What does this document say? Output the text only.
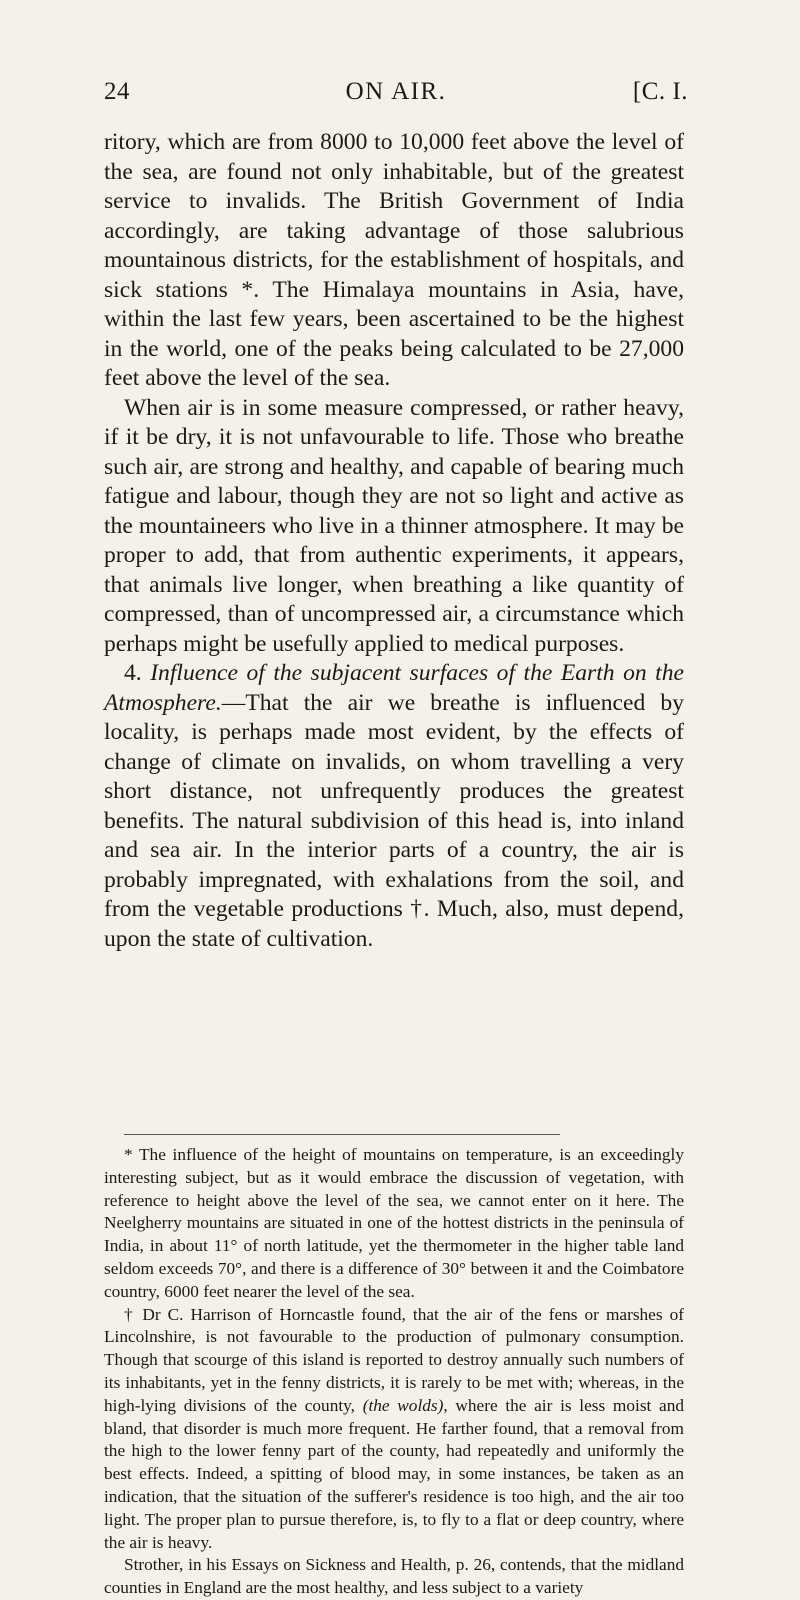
24	ON AIR.	[C. I.

ritory, which are from 8000 to 10,000 feet above the level of the sea, are found not only inhabitable, but of the greatest service to invalids. The British Government of India accordingly, are taking advantage of those salubrious mountainous districts, for the establishment of hospitals, and sick stations *. The Himalaya mountains in Asia, have, within the last few years, been ascertained to be the highest in the world, one of the peaks being calculated to be 27,000 feet above the level of the sea.

When air is in some measure compressed, or rather heavy, if it be dry, it is not unfavourable to life. Those who breathe such air, are strong and healthy, and capable of bearing much fatigue and labour, though they are not so light and active as the mountaineers who live in a thinner atmosphere. It may be proper to add, that from authentic experiments, it appears, that animals live longer, when breathing a like quantity of compressed, than of uncompressed air, a circumstance which perhaps might be usefully applied to medical purposes.

4. Influence of the subjacent surfaces of the Earth on the Atmosphere.—That the air we breathe is influenced by locality, is perhaps made most evident, by the effects of change of climate on invalids, on whom travelling a very short distance, not unfrequently produces the greatest benefits. The natural subdivision of this head is, into inland and sea air. In the interior parts of a country, the air is probably impregnated, with exhalations from the soil, and from the vegetable productions †. Much, also, must depend, upon the state of cultivation.

* The influence of the height of mountains on temperature, is an exceedingly interesting subject, but as it would embrace the discussion of vegetation, with reference to height above the level of the sea, we cannot enter on it here. The Neelgherry mountains are situated in one of the hottest districts in the peninsula of India, in about 11° of north latitude, yet the thermometer in the higher table land seldom exceeds 70°, and there is a difference of 30° between it and the Coimbatore country, 6000 feet nearer the level of the sea.

† Dr C. Harrison of Horncastle found, that the air of the fens or marshes of Lincolnshire, is not favourable to the production of pulmonary consumption. Though that scourge of this island is reported to destroy annually such numbers of its inhabitants, yet in the fenny districts, it is rarely to be met with; whereas, in the high-lying divisions of the county, (the wolds), where the air is less moist and bland, that disorder is much more frequent. He farther found, that a removal from the high to the lower fenny part of the county, had repeatedly and uniformly the best effects. Indeed, a spitting of blood may, in some instances, be taken as an indication, that the situation of the sufferer's residence is too high, and the air too light. The proper plan to pursue therefore, is, to fly to a flat or deep country, where the air is heavy.

Strother, in his Essays on Sickness and Health, p. 26, contends, that the midland counties in England are the most healthy, and less subject to a variety
